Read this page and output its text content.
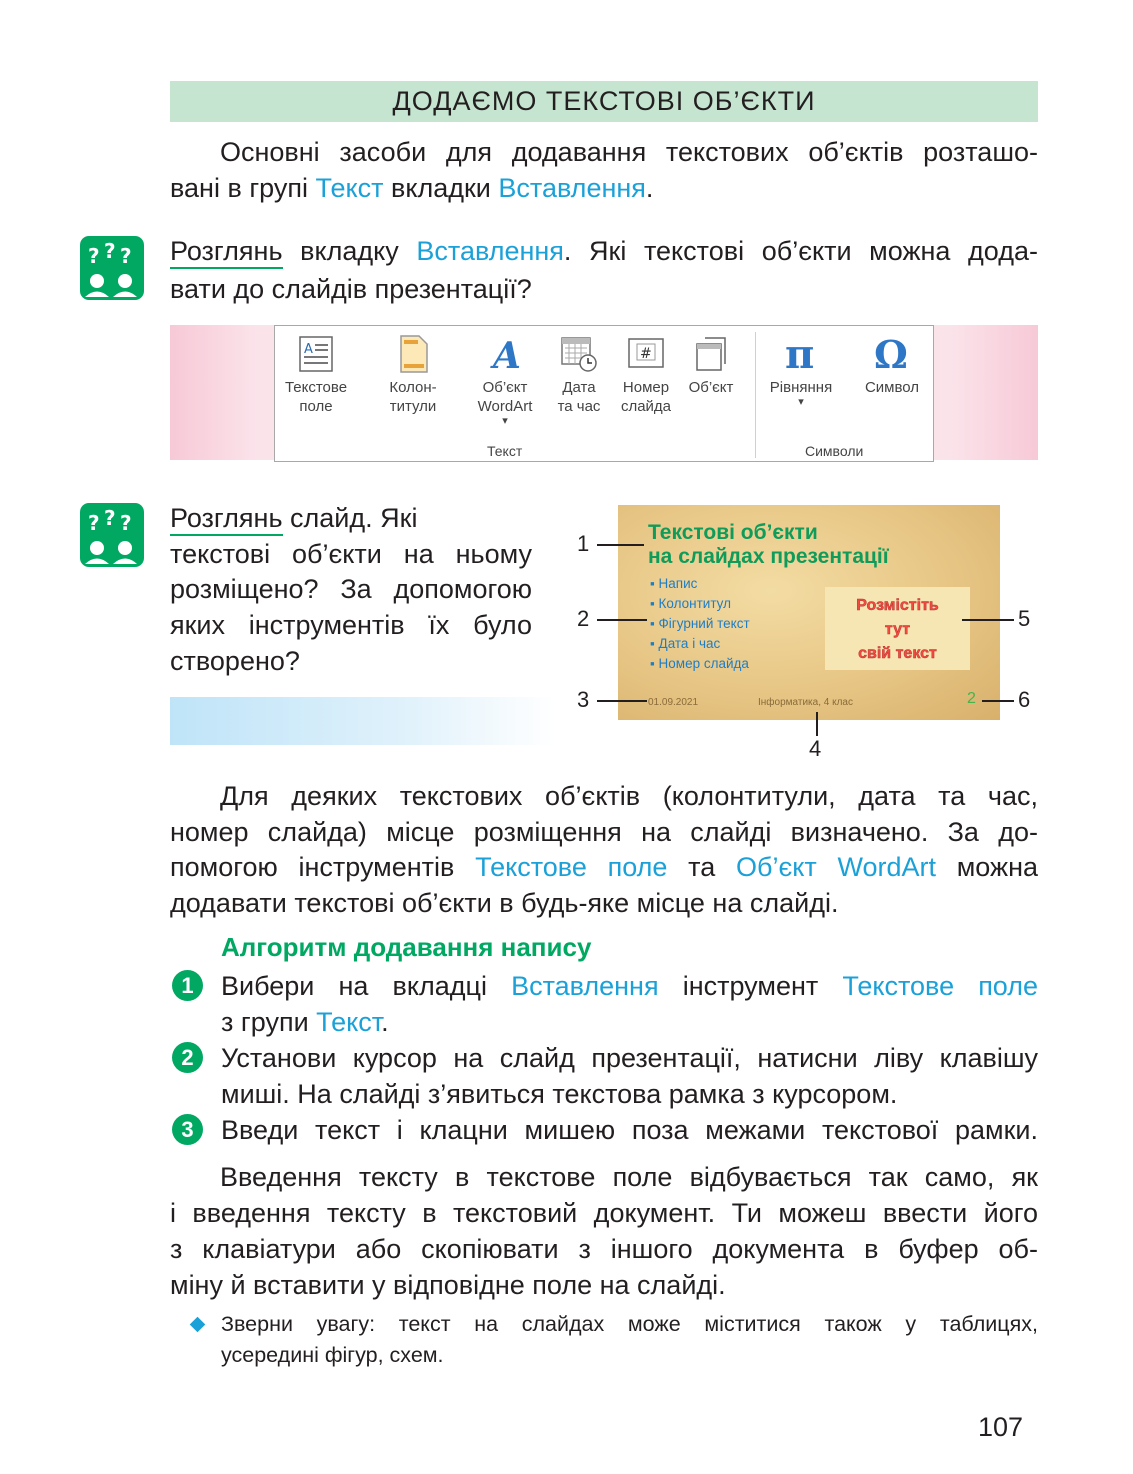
ДОДАЄМО ТЕКСТОВІ ОБ’ЄКТИ
Основні засоби для додавання текстових об’єктів розташо-
вані в групі Текст вкладки Вставлення.
? ? ? Розглянь вкладку Вставлення. Які текстові об’єкти можна дода-
вати до слайдів презентації?
A
Текстове
поле
Колон-
титули
A
Об’єкт
WordArt
▾
Дата
та час
#
Номер
слайда
Об’єкт
π
Рівняння
▾
Ω
Символ
Текст	Символи
? ? ? Розглянь слайд. Які
текстові об’єкти на ньому
розміщено? За допомогою
яких інструментів їх було
створено?
Текстові об’єкти
на слайдах презентації
▪ Напис
▪ Колонтитул
▪ Фігурний текст
▪ Дата і час
▪ Номер слайда
Розмістіть
тут
свій текст
01.09.2021	Інформатика, 4 клас	2
1
2
3
4
5
6
Для деяких текстових об’єктів (колонтитули, дата та час,
номер слайда) місце розміщення на слайді визначено. За до-
помогою інструментів Текстове поле та Об’єкт WordArt можна
додавати текстові об’єкти в будь-яке місце на слайді.
Алгоритм додавання напису
1	Вибери на вкладці Вставлення інструмент Текстове поле
з групи Текст.
2	Установи курсор на слайд презентації, натисни ліву клавішу
миші. На слайді з’явиться текстова рамка з курсором.
3	Введи текст і клацни мишею поза межами текстової рамки.
Введення тексту в текстове поле відбувається так само, як
і введення тексту в текстовий документ. Ти можеш ввести його
з клавіатури або скопіювати з іншого документа в буфер об-
міну й вставити у відповідне поле на слайді.
Зверни увагу: текст на слайдах може міститися також у таблицях,
усередині фігур, схем.
107
